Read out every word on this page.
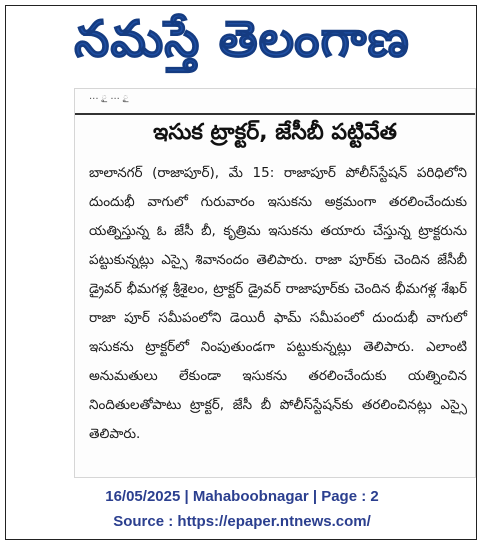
నమస్తే తెలంగాణ
... ౖ ... ౖ
ఇసుక ట్రాక్టర్, జేసీబీ పట్టివేత
బాలానగర్ (రాజాపూర్), మే 15: రాజాపూర్ పోలీస్‌స్టేషన్ పరిధిలోని దుందుభీ వాగులో గురువారం ఇసుకను అక్రమంగా తరలించేందుకు యత్నిస్తున్న ఓ జేసీ బీ, కృత్రిమ ఇసుకను తయారు చేస్తున్న ట్రాక్టరును పట్టుకున్నట్లు ఎస్సై శివానందం తెలిపారు. రాజా పూర్‌కు చెందిన జేసీబీ డ్రైవర్ భీమగళ్ల శ్రీశైలం, ట్రాక్టర్ డ్రైవర్ రాజాపూర్‌కు చెందిన భీమగళ్ల శేఖర్ రాజా పూర్ సమీపంలోని డెయిరీ ఫామ్ సమీపంలో దుందుభీ వాగులో ఇసుకను ట్రాక్టర్‌లో నింపుతుండగా పట్టుకున్నట్లు తెలిపారు. ఎలాంటి అనుమతులు లేకుండా ఇసుకను తరలించేందుకు యత్నించిన నిందితులతోపాటు ట్రాక్టర్, జేసీ బీ పోలీస్‌స్టేషన్‌కు తరలించినట్లు ఎస్సై తెలిపారు.
16/05/2025 | Mahaboobnagar | Page : 2
Source : https://epaper.ntnews.com/
